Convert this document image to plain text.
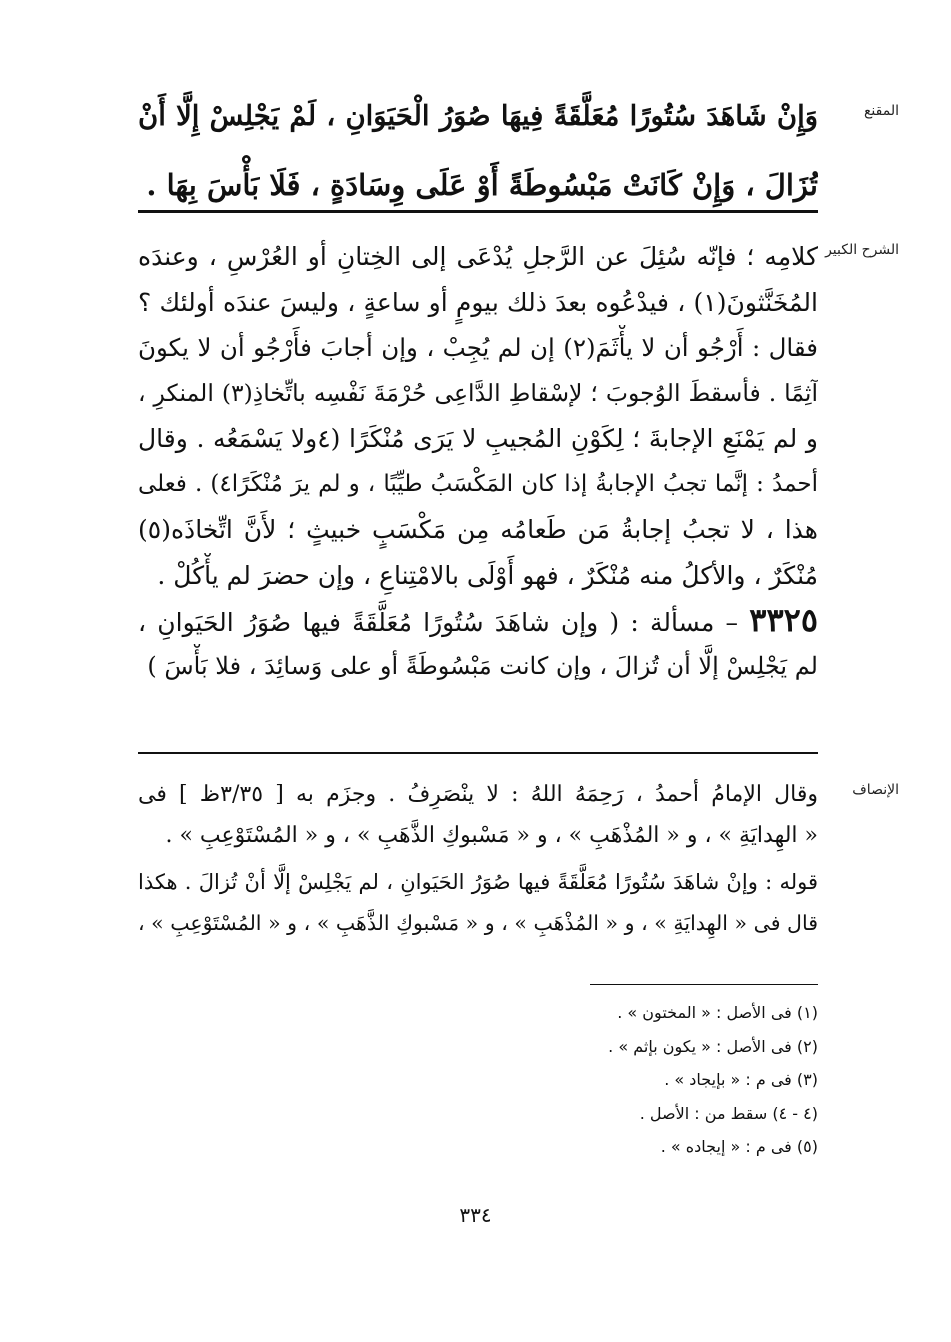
المقنع
وَإِنْ شَاهَدَ سُتُورًا مُعَلَّقَةً فِيهَا صُوَرُ الْحَيَوَانِ ، لَمْ يَجْلِسْ إِلَّا أَنْ
تُزَالَ ، وَإِنْ كَانَتْ مَبْسُوطَةً أَوْ عَلَى وِسَادَةٍ ، فَلَا بَأْسَ بِهَا .
الشرح الكبير
كلامِه ؛ فإنّه سُئِلَ عن الرَّجلِ يُدْعَى إلى الخِتانِ أو العُرْسِ ، وعندَه
المُخَنَّثونَ(١) ، فيدْعُوه بعدَ ذلك بيومٍ أو ساعةٍ ، وليسَ عندَه أولئك ؟
فقال : أَرْجُو أن لا يأْثَمَ(٢) إن لم يُجِبْ ، وإن أجابَ فأَرْجُو أن لا يكونَ
آثِمًا . فأسقطَ الوُجوبَ ؛ لإسْقاطِ الدَّاعِى حُرْمَةَ نَفْسِه باتِّخاذِ(٣) المنكرِ ،
و لم يَمْنَعِ الإجابةَ ؛ لِكَوْنِ المُجيبِ لا يَرَى مُنْكَرًا (٤ولا يَسْمَعُه . وقال
أحمدُ : إنَّما تجبُ الإجابةُ إذا كان المَكْسَبُ طيِّبًا ، و لم يرَ مُنْكَرًا٤) . فعلى
هذا ، لا تجبُ إجابةُ مَن طَعامُه مِن مَكْسَبٍ خبيثٍ ؛ لأَنَّ اتِّخاذَه(٥)
مُنْكَرٌ ، والأكلُ منه مُنْكَرٌ ، فهو أَوْلَى بالامْتِناعِ ، وإن حضرَ لم يأْكُلْ .
٣٣٢٥ – مسألة : ( وإن شاهَدَ سُتُورًا مُعَلَّقَةً فيها صُوَرُ الحَيَوانِ ،
لم يَجْلِسْ إلَّا أن تُزالَ ، وإن كانت مَبْسُوطَةً أو على وَسائِدَ ، فلا بَأْسَ )
الإنصاف
وقال الإمامُ أحمدُ ، رَحِمَهُ اللهُ : لا ينْصَرِفُ . وجزَم به [ ٣/٣٥ظ ] فى
« الهِدايَةِ » ، و « المُذْهَبِ » ، و « مَسْبوكِ الذَّهَبِ » ، و « المُسْتَوْعِبِ » .
قوله : وإنْ شاهَدَ سُتُورًا مُعَلَّقَةً فيها صُوَرُ الحَيَوانِ ، لم يَجْلِسْ إلَّا أنْ تُزالَ . هكذا
قال فى « الهِدايَةِ » ، و « المُذْهَبِ » ، و « مَسْبوكِ الذَّهَبِ » ، و « المُسْتَوْعِبِ » ،
(١) فى الأصل : « المختون » .
(٢) فى الأصل : « يكون بإثم » .
(٣) فى م : « بإيجاد » .
(٤ - ٤) سقط من : الأصل .
(٥) فى م : « إيجاده » .
٣٣٤
